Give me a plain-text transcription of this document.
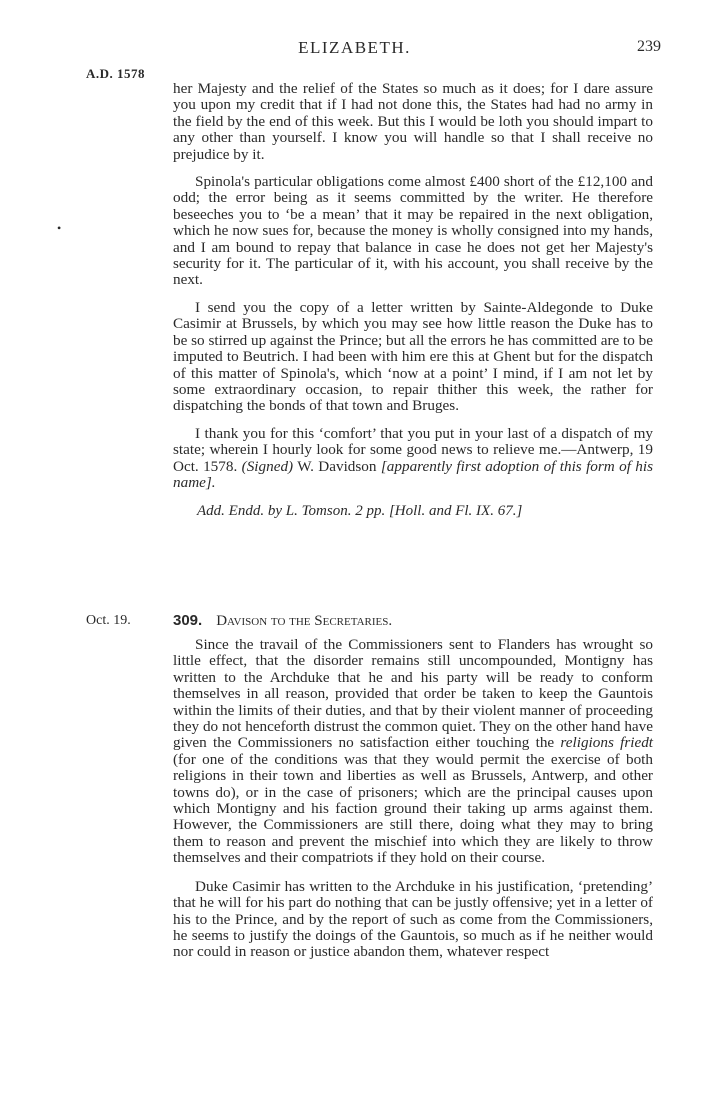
ELIZABETH.	239
A.D. 1578
•

her Majesty and the relief of the States so much as it does; for I dare assure you upon my credit that if I had not done this, the States had had no army in the field by the end of this week. But this I would be loth you should impart to any other than yourself. I know you will handle so that I shall receive no prejudice by it.

Spinola's particular obligations come almost £400 short of the £12,100 and odd; the error being as it seems committed by the writer. He therefore beseeches you to ‘be a mean’ that it may be repaired in the next obligation, which he now sues for, because the money is wholly consigned into my hands, and I am bound to repay that balance in case he does not get her Majesty's security for it. The particular of it, with his account, you shall receive by the next.

I send you the copy of a letter written by Sainte-Aldegonde to Duke Casimir at Brussels, by which you may see how little reason the Duke has to be so stirred up against the Prince; but all the errors he has committed are to be imputed to Beutrich. I had been with him ere this at Ghent but for the dispatch of this matter of Spinola's, which ‘now at a point’ I mind, if I am not let by some extraordinary occasion, to repair thither this week, the rather for dispatching the bonds of that town and Bruges.

I thank you for this ‘comfort’ that you put in your last of a dispatch of my state; wherein I hourly look for some good news to relieve me.—Antwerp, 19 Oct. 1578. (Signed) W. Davidson [apparently first adoption of this form of his name].

Add. Endd. by L. Tomson. 2 pp. [Holl. and Fl. IX. 67.]
Oct. 19.	309. Davison to the Secretaries.

Since the travail of the Commissioners sent to Flanders has wrought so little effect, that the disorder remains still uncompounded, Montigny has written to the Archduke that he and his party will be ready to conform themselves in all reason, provided that order be taken to keep the Gauntois within the limits of their duties, and that by their violent manner of proceeding they do not henceforth distrust the common quiet. They on the other hand have given the Commissioners no satisfaction either touching the religions friedt (for one of the conditions was that they would permit the exercise of both religions in their town and liberties as well as Brussels, Antwerp, and other towns do), or in the case of prisoners; which are the principal causes upon which Montigny and his faction ground their taking up arms against them. However, the Commissioners are still there, doing what they may to bring them to reason and prevent the mischief into which they are likely to throw themselves and their compatriots if they hold on their course.

Duke Casimir has written to the Archduke in his justification, ‘pretending’ that he will for his part do nothing that can be justly offensive; yet in a letter of his to the Prince, and by the report of such as come from the Commissioners, he seems to justify the doings of the Gauntois, so much as if he neither would nor could in reason or justice abandon them, whatever respect
